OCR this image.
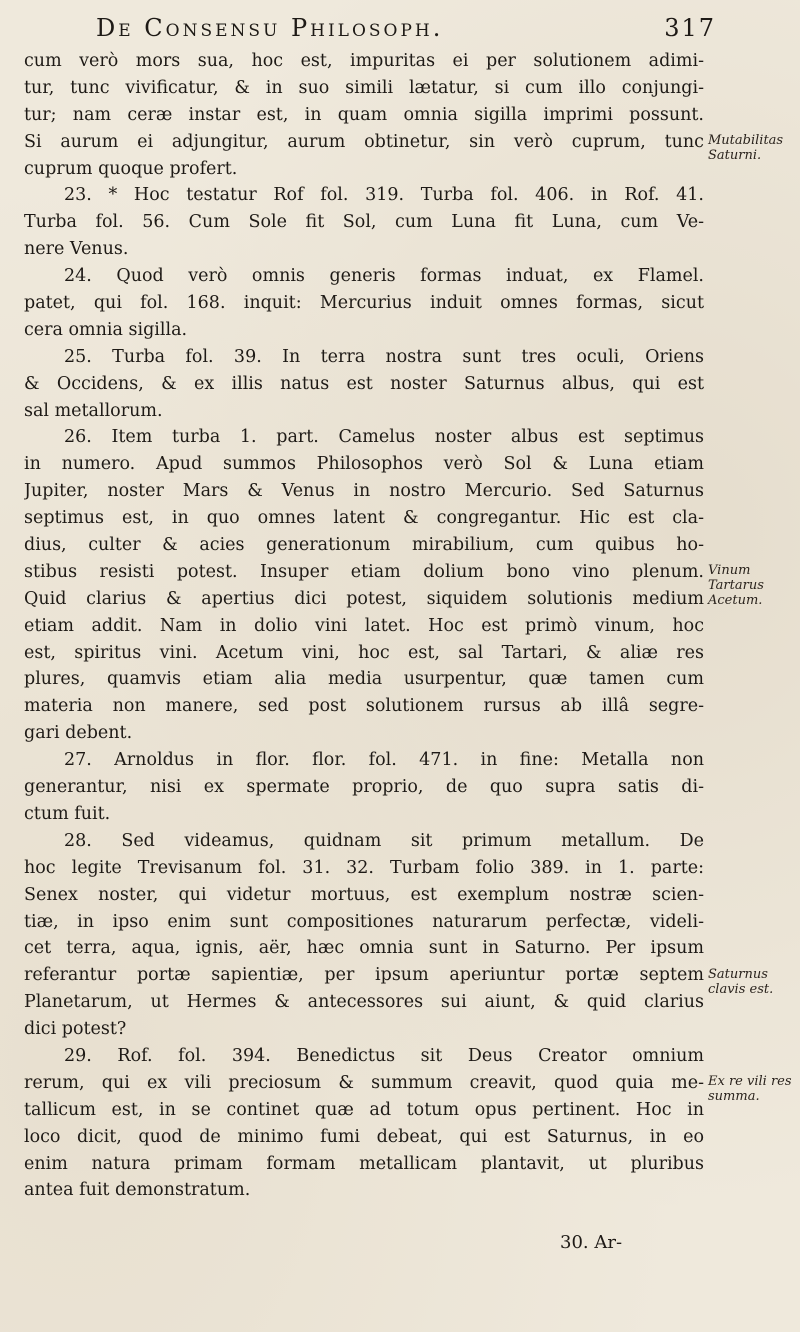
De Consensu Philosoph.	317
cum verò mors sua, hoc est, impuritas ei per solutionem adimi-
tur, tunc vivificatur, & in suo simili lætatur, si cum illo conjungi-
tur; nam ceræ instar est, in quam omnia sigilla imprimi possunt.
Si aurum ei adjungitur, aurum obtinetur, sin verò cuprum, tunc
cuprum quoque profert.
23. * Hoc testatur Rof fol. 319. Turba fol. 406. in Rof. 41.
Turba fol. 56. Cum Sole fit Sol, cum Luna fit Luna, cum Ve-
nere Venus.
24. Quod verò omnis generis formas induat, ex Flamel.
patet, qui fol. 168. inquit: Mercurius induit omnes formas, sicut
cera omnia sigilla.
25. Turba fol. 39. In terra nostra sunt tres oculi, Oriens
& Occidens, & ex illis natus est noster Saturnus albus, qui est
sal metallorum.
26. Item turba 1. part. Camelus noster albus est septimus
in numero. Apud summos Philosophos verò Sol & Luna etiam
Jupiter, noster Mars & Venus in nostro Mercurio. Sed Saturnus
septimus est, in quo omnes latent & congregantur. Hic est cla-
dius, culter & acies generationum mirabilium, cum quibus ho-
stibus resisti potest. Insuper etiam dolium bono vino plenum.
Quid clarius & apertius dici potest, siquidem solutionis medium
etiam addit. Nam in dolio vini latet. Hoc est primò vinum, hoc
est, spiritus vini. Acetum vini, hoc est, sal Tartari, & aliæ res
plures, quamvis etiam alia media usurpentur, quæ tamen cum
materia non manere, sed post solutionem rursus ab illâ segre-
gari debent.
27. Arnoldus in flor. flor. fol. 471. in fine: Metalla non
generantur, nisi ex spermate proprio, de quo supra satis di-
ctum fuit.
28. Sed videamus, quidnam sit primum metallum. De
hoc legite Trevisanum fol. 31. 32. Turbam folio 389. in 1. parte:
Senex noster, qui videtur mortuus, est exemplum nostræ scien-
tiæ, in ipso enim sunt compositiones naturarum perfectæ, videli-
cet terra, aqua, ignis, aër, hæc omnia sunt in Saturno. Per ipsum
referantur portæ sapientiæ, per ipsum aperiuntur portæ septem
Planetarum, ut Hermes & antecessores sui aiunt, & quid clarius
dici potest?
29. Rof. fol. 394. Benedictus sit Deus Creator omnium
rerum, qui ex vili preciosum & summum creavit, quod quia me-
tallicum est, in se continet quæ ad totum opus pertinent. Hoc in
loco dicit, quod de minimo fumi debeat, qui est Saturnus, in eo
enim natura primam formam metallicam plantavit, ut pluribus
antea fuit demonstratum.
Mutabilitas Saturni.
Vinum Tartarus Acetum.
Saturnus clavis est.
Ex re vili res summa.
30. Ar-
